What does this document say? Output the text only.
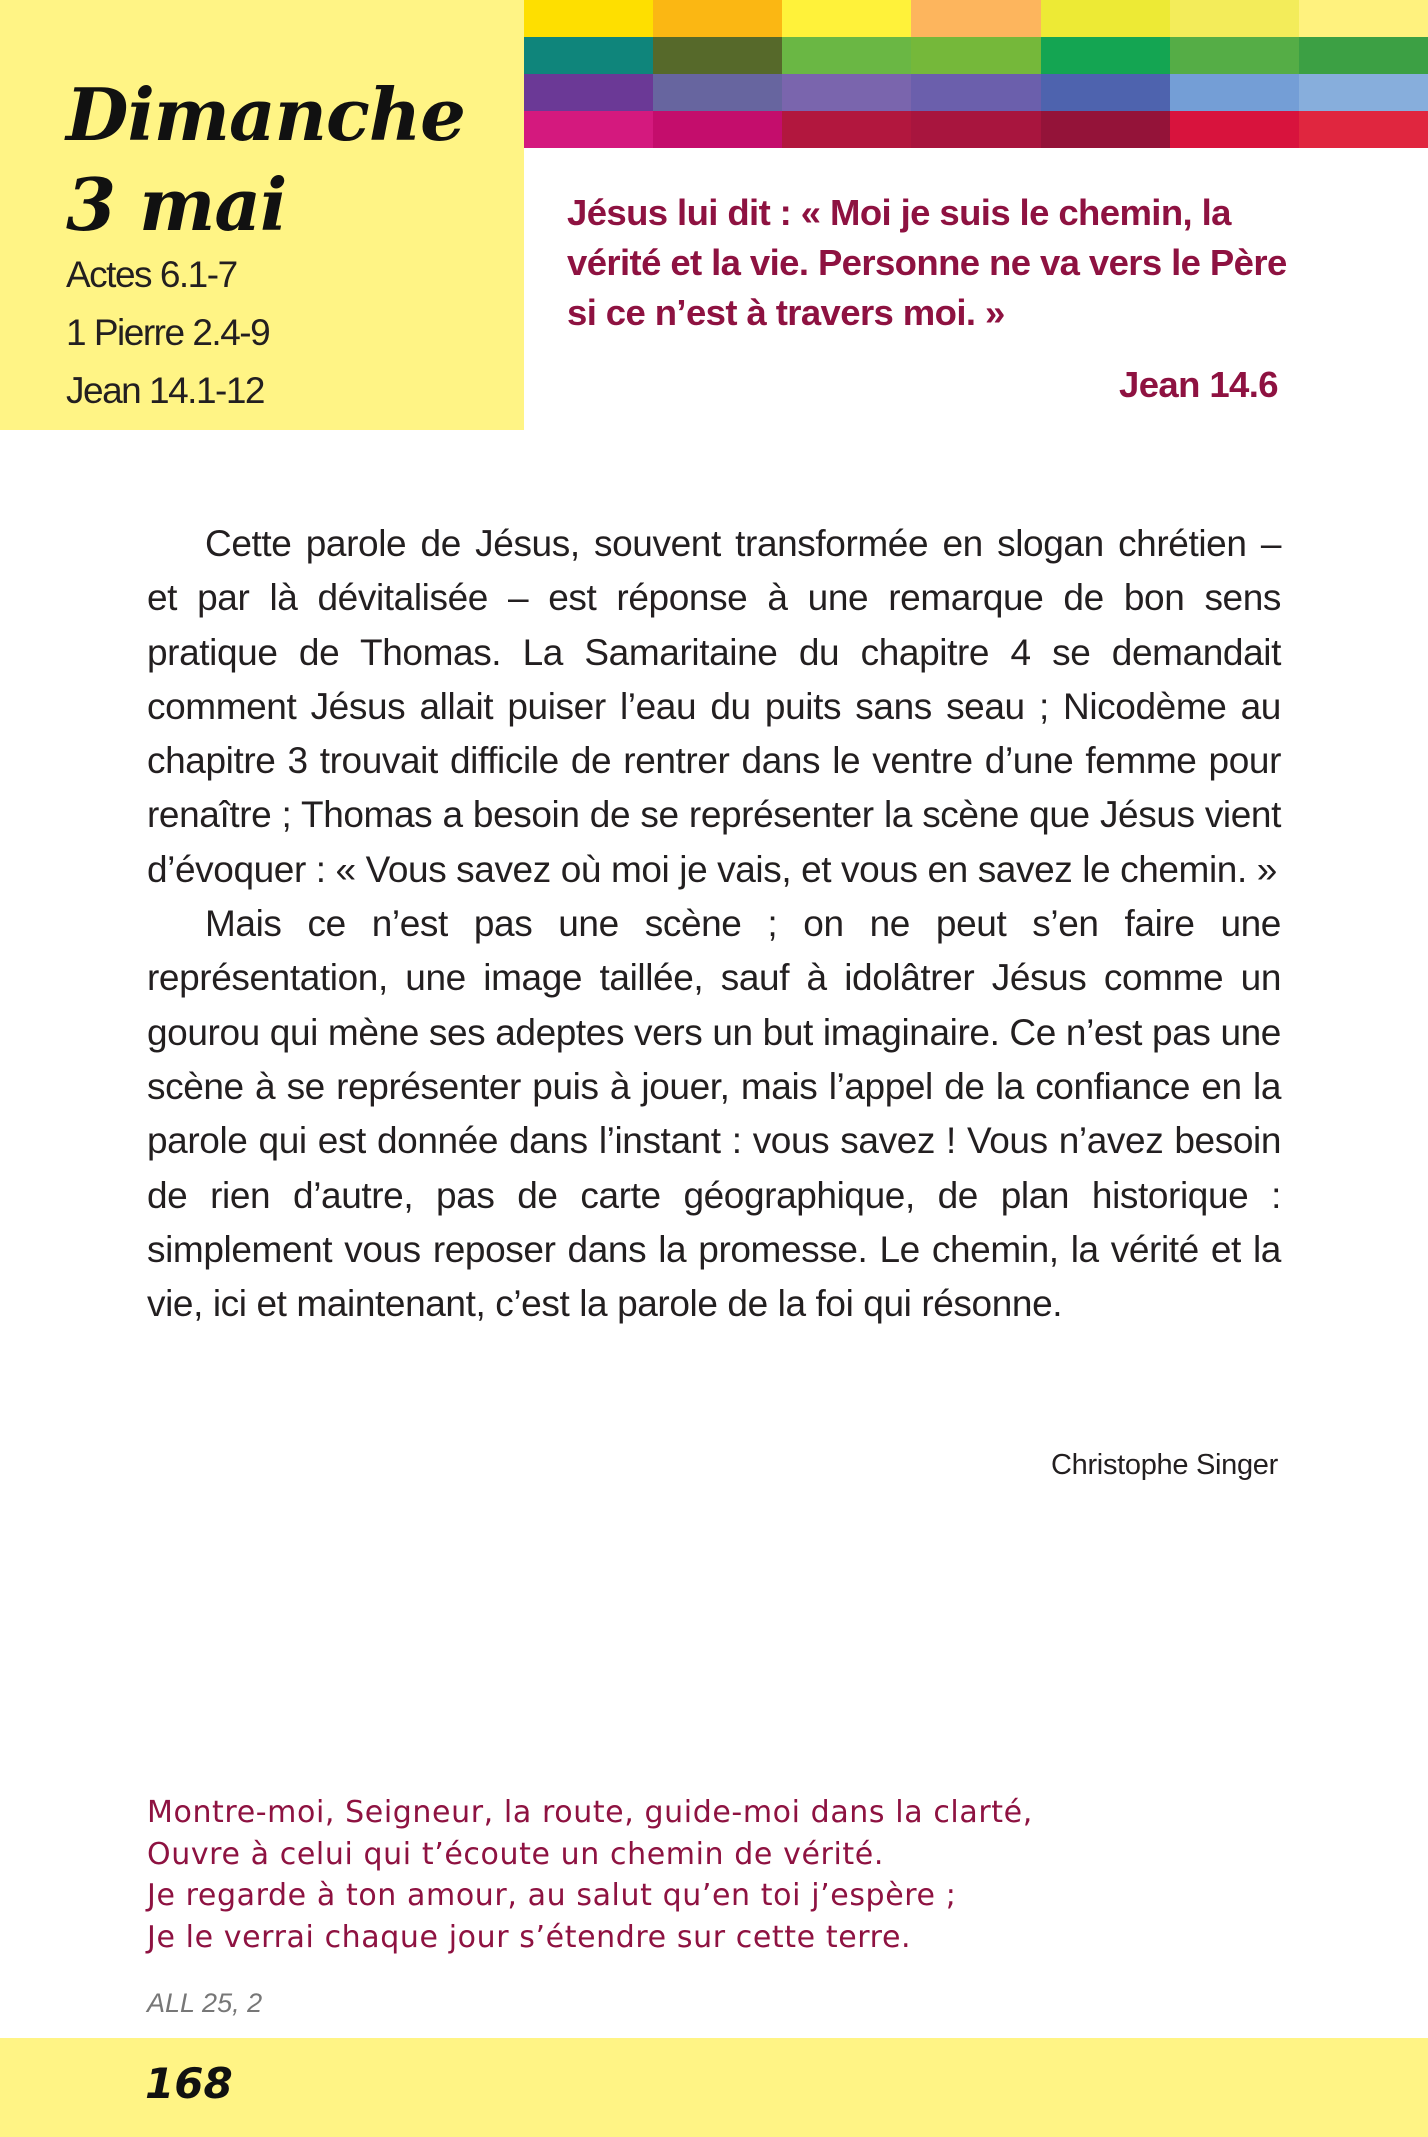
Dimanche
3 mai
Actes 6.1-7
1 Pierre 2.4-9
Jean 14.1-12

Jésus lui dit : « Moi je suis le chemin, la vérité et la vie. Personne ne va vers le Père si ce n’est à travers moi. »

Jean 14.6

Cette parole de Jésus, souvent transformée en slogan chrétien – et par là dévitalisée – est réponse à une remarque de bon sens pratique de Thomas. La Samaritaine du chapitre 4 se demandait comment Jésus allait puiser l’eau du puits sans seau ; Nicodème au chapitre 3 trouvait difficile de rentrer dans le ventre d’une femme pour renaître ; Thomas a besoin de se représenter la scène que Jésus vient d’évoquer : « Vous savez où moi je vais, et vous en savez le chemin. »

Mais ce n’est pas une scène ; on ne peut s’en faire une représentation, une image taillée, sauf à idolâtrer Jésus comme un gourou qui mène ses adeptes vers un but imaginaire. Ce n’est pas une scène à se représenter puis à jouer, mais l’appel de la confiance en la parole qui est donnée dans l’instant : vous savez ! Vous n’avez besoin de rien d’autre, pas de carte géographique, de plan historique : simplement vous reposer dans la promesse. Le chemin, la vérité et la vie, ici et maintenant, c’est la parole de la foi qui résonne.

Christophe Singer

Montre-moi, Seigneur, la route, guide-moi dans la clarté,
Ouvre à celui qui t’écoute un chemin de vérité.
Je regarde à ton amour, au salut qu’en toi j’espère ;
Je le verrai chaque jour s’étendre sur cette terre.

ALL 25, 2

168
